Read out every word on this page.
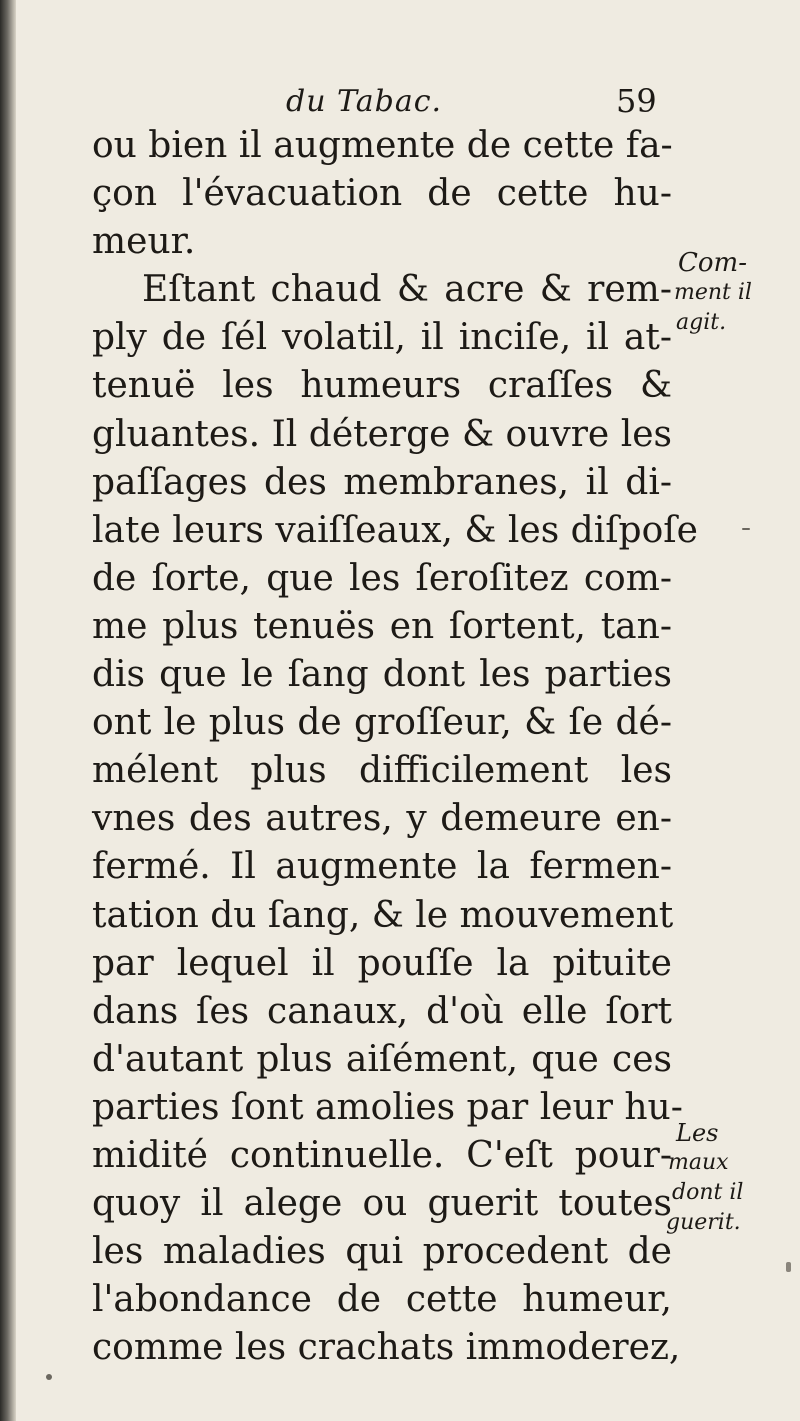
du Tabac.	59
ou bien il augmente de cette fa-
çon l'évacuation de cette hu-
meur.
Eſtant chaud & acre & rem-
ply de ſél volatil, il inciſe, il at-
tenuë les humeurs craſſes &
gluantes. Il déterge & ouvre les
paſſages des membranes, il di-
late leurs vaiſſeaux, & les diſpoſe
de ſorte, que les ſeroſitez com-
me plus tenuës en ſortent, tan-
dis que le ſang dont les parties
ont le plus de groſſeur, & ſe dé-
mélent plus difficilement les
vnes des autres, y demeure en-
fermé. Il augmente la fermen-
tation du ſang, & le mouvement
par lequel il pouſſe la pituite
dans ſes canaux, d'où elle ſort
d'autant plus aiſément, que ces
parties ſont amolies par leur hu-
midité continuelle. C'eſt pour-
quoy il alege ou guerit toutes
les maladies qui procedent de
l'abondance de cette humeur,
comme les crachats immoderez,
Com-
ment il
agit.
Les
maux
dont il
guerit.
